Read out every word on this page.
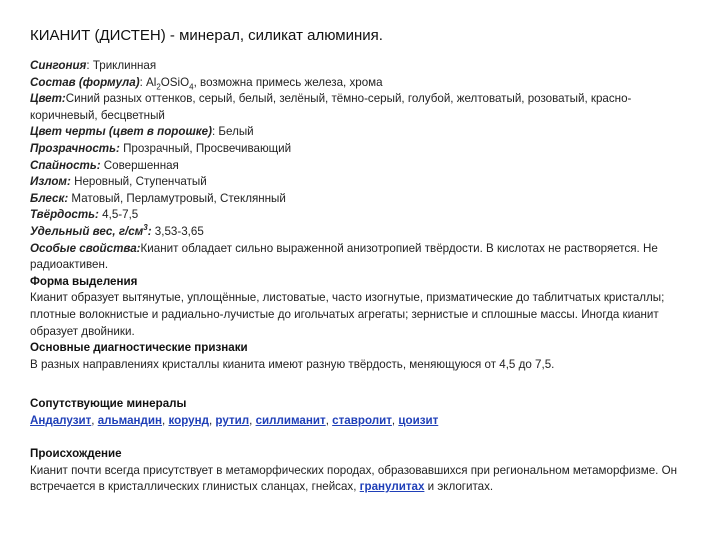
КИАНИТ (ДИСТЕН) - минерал, силикат алюминия.
Сингония: Триклинная
Состав (формула): $Al_2OSiO_4$, возможна примесь железа, хрома
Цвет:Синий разных оттенков, серый, белый, зелёный, тёмно-серый, голубой, желтоватый, розоватый, красно-коричневый, бесцветный
Цвет черты (цвет в порошке): Белый
Прозрачность: Прозрачный, Просвечивающий
Спайность: Совершенная
Излом: Неровный, Ступенчатый
Блеск: Матовый, Перламутровый, Стеклянный
Твёрдость: 4,5-7,5
Удельный вес, $г/см^3$: 3,53-3,65
Особые свойства:Кианит обладает сильно выраженной анизотропией твёрдости. В кислотах не растворяется. Не радиоактивен.
Форма выделения
Кианит образует вытянутые, уплощённые, листоватые, часто изогнутые, призматические до таблитчатых кристаллы; плотные волокнистые и радиально-лучистые до игольчатых агрегаты; зернистые и сплошные массы. Иногда кианит образует двойники.
Основные диагностические признаки
В разных направлениях кристаллы кианита имеют разную твёрдость, меняющуюся от 4,5 до 7,5.
Сопутствующие минералы
Андалузит, альмандин, корунд, рутил, силлиманит, ставролит, цоизит
Происхождение
Кианит почти всегда присутствует в метаморфических породах, образовавшихся при региональном метаморфизме. Он встречается в кристаллических глинистых сланцах, гнейсах, гранулитах и эклогитах.
